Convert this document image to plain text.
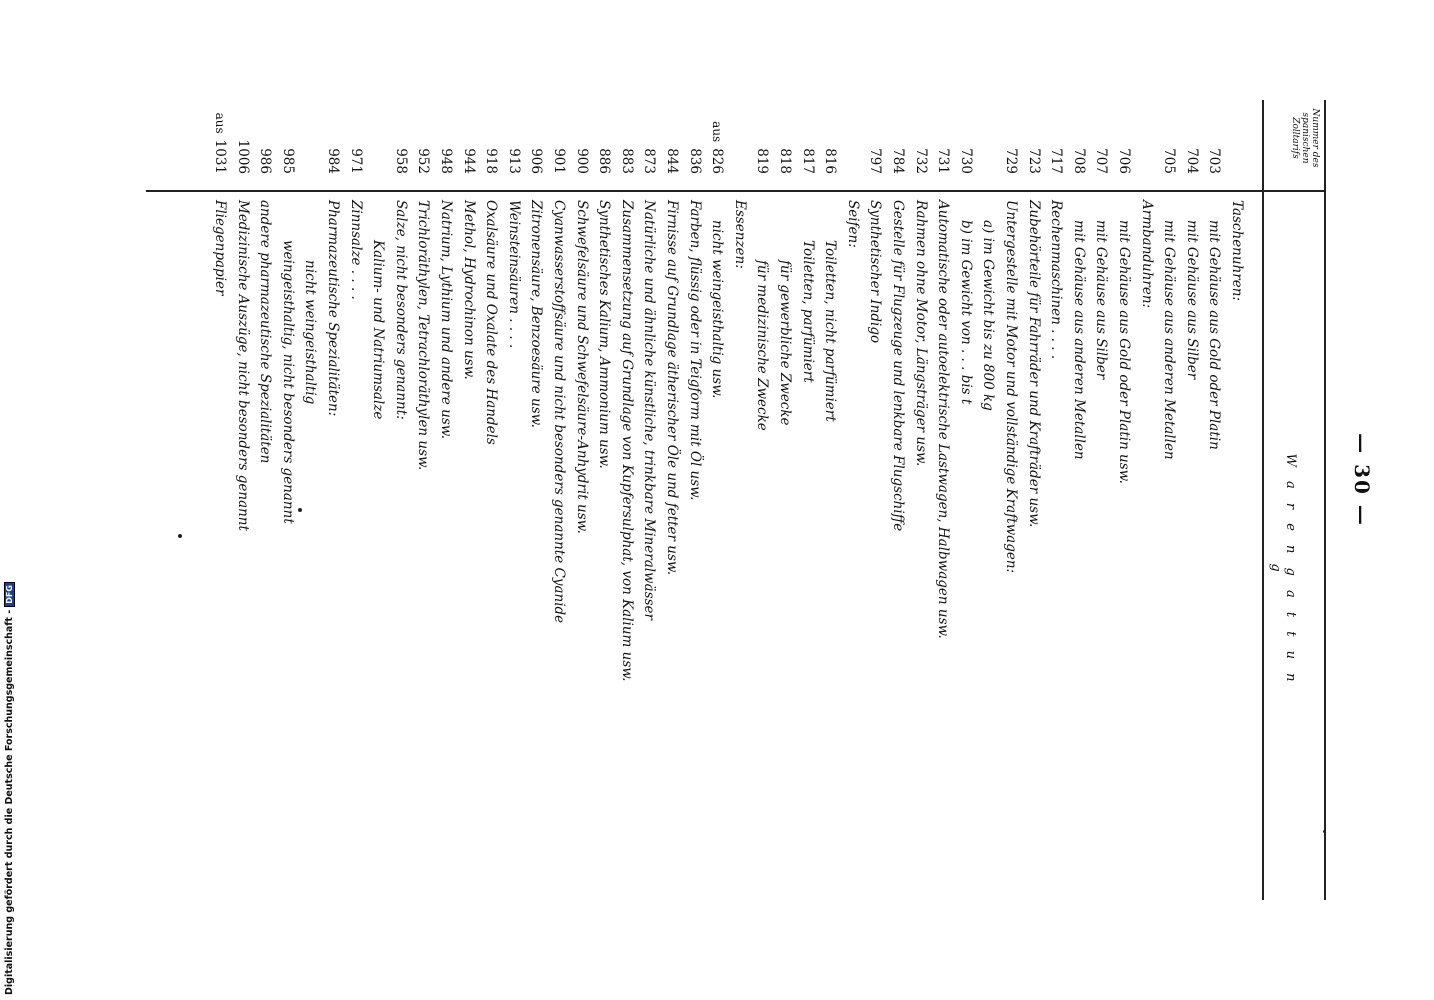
— 30 —
Nummer des spanischen Zolltarifs
W a r e n g a t t u n g
Taschenuhren:
703
mit Gehäuse aus Gold oder Platin
704
mit Gehäuse aus Silber
705
mit Gehäuse aus anderen Metallen
Armbanduhren:
706
mit Gehäuse aus Gold oder Platin usw.
707
mit Gehäuse aus Silber
708
mit Gehäuse aus anderen Metallen
717
Rechenmaschinen . . . .
723
Zubehörteile für Fahrräder und Krafträder usw.
729
Untergestelle mit Motor und vollständige Kraftwagen:
a) im Gewicht bis zu 800 kg
730
b) im Gewicht von . . . bis t
731
Automatische oder autoelektrische Lastwagen, Halbwagen usw.
732
Rahmen ohne Motor, Längsträger usw.
784
Gestelle für Flugzeuge und lenkbare Flugschiffe
797
Synthetischer Indigo
Seifen:
816
Toiletten, nicht parfümiert
817
Toiletten, parfümiert
818
für gewerbliche Zwecke
819
für medizinische Zwecke
Essenzen:
aus826
nicht weingeisthaltig usw.
836
Farben, flüssig oder in Teigform mit Öl usw.
844
Firnisse auf Grundlage ätherischer Öle und fetter usw.
873
Natürliche und ähnliche künstliche, trinkbare Mineralwässer
883
Zusammensetzung auf Grundlage von Kupfersulphat, von Kalium usw.
886
Synthetisches Kalium, Ammonium usw.
900
Schwefelsäure und Schwefelsäure-Anhydrit usw.
901
Cyanwasserstoffsäure und nicht besonders genannte Cyanide
906
Zitronensäure, Benzoesäure usw.
913
Weinsteinsäuren . . . .
918
Oxalsäure und Oxalate des Handels
944
Methol, Hydrochinon usw.
948
Natrium, Lythium und andere usw.
952
Trichloräthylen, Tetrachloräthylen usw.
958
Salze, nicht besonders genannt:
Kalium- und Natriumsalze
971
Zinnsalze . . . .
984
Pharmazeutische Spezialitäten:
nicht weingeisthaltig
985
weingeisthaltig, nicht besonders genannt
986
andere pharmazeutische Spezialitäten
1006
Medizinische Auszüge, nicht besonders genannt
aus1031
Fliegenpapier
Digitalisierung gefördert durch die Deutsche Forschungsgemeinschaft -DFG
